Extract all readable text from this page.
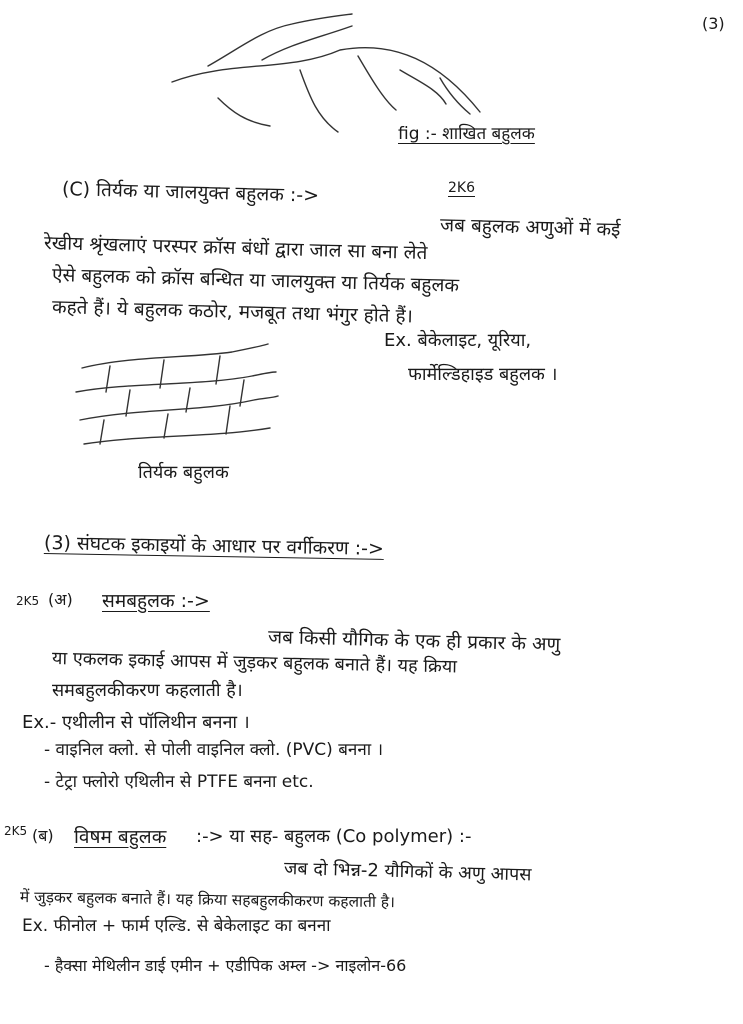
(3)
fig :- शाखित बहुलक
(C) तिर्यक या जालयुक्त बहुलक :->	2K6
जब बहुलक अणुओं में कई
रेखीय श्रृंखलाएं परस्पर क्रॉस बंधों द्वारा जाल सा बना लेते
ऐसे बहुलक को क्रॉस बन्धित या जालयुक्त या तिर्यक बहुलक
कहते हैं। ये बहुलक कठोर, मजबूत तथा भंगुर होते हैं।
Ex. बेकेलाइट, यूरिया,
फार्मेल्डिहाइड बहुलक ।
तिर्यक बहुलक
(3) संघटक इकाइयों के आधार पर वर्गीकरण :->
2K5 (अ) समबहुलक :->
जब किसी यौगिक के एक ही प्रकार के अणु
या एकलक इकाई आपस में जुड़कर बहुलक बनाते हैं। यह क्रिया
समबहुलकीकरण कहलाती है।
Ex.- एथीलीन से पॉलिथीन बनना ।
- वाइनिल क्लो. से पोली वाइनिल क्लो. (PVC) बनना ।
- टेट्रा फ्लोरो एथिलीन से PTFE बनना etc.
2K5 (ब) विषम बहुलक :-> या सह- बहुलक (Co polymer) :-
जब दो भिन्न-2 यौगिकों के अणु आपस
में जुड़कर बहुलक बनाते हैं। यह क्रिया सहबहुलकीकरण कहलाती है।
Ex. फीनोल + फार्म एल्डि. से बेकेलाइट का बनना
- हैक्सा मेथिलीन डाई एमीन + एडीपिक अम्ल -> नाइलोन-66
